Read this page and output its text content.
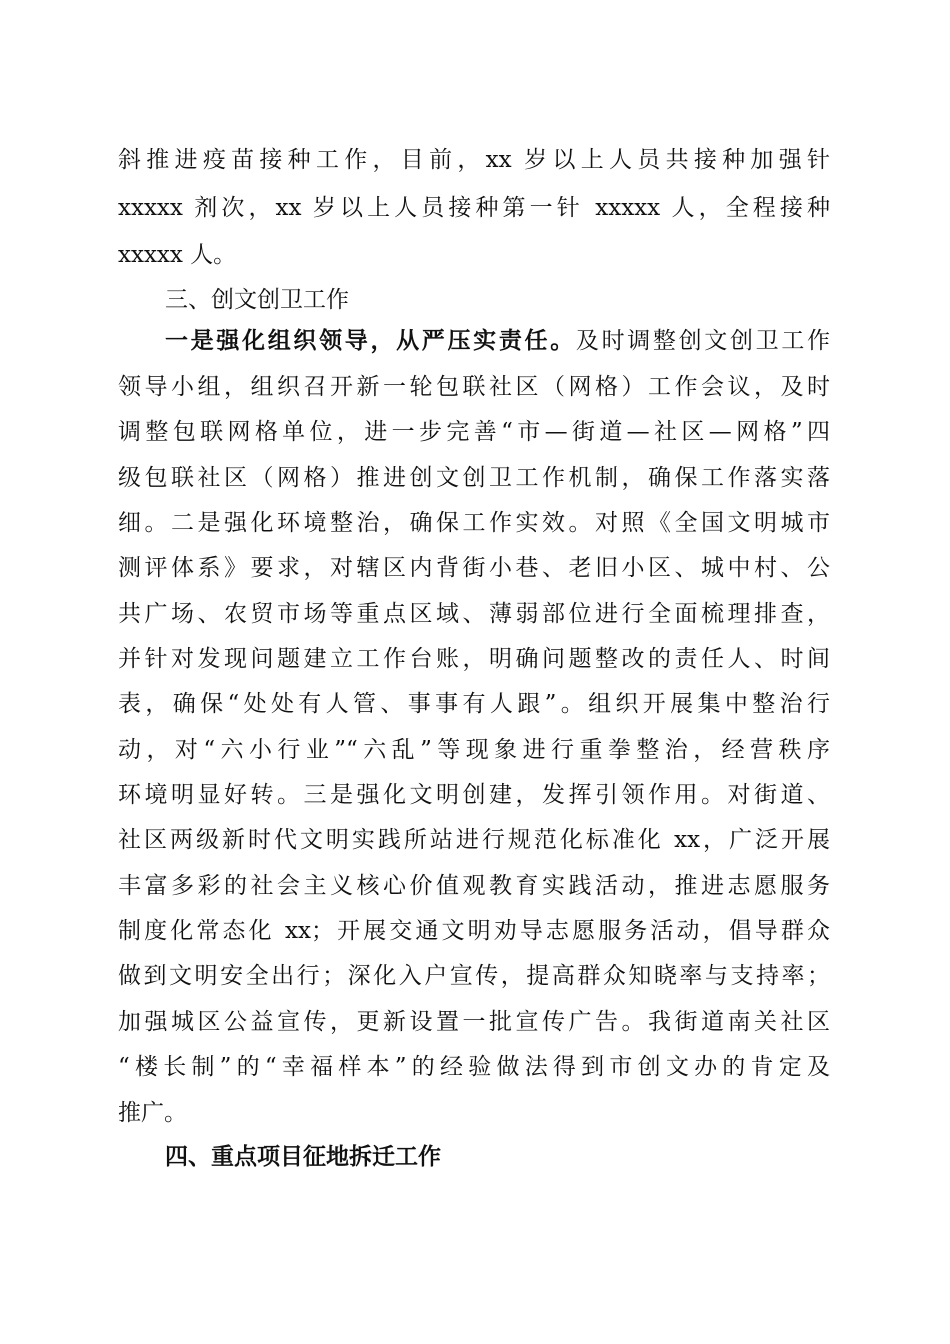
斜推进疫苗接种工作，目前，xx 岁以上人员共接种加强针
xxxxx 剂次，xx 岁以上人员接种第一针 xxxxx 人，全程接种
xxxxx 人。
三、创文创卫工作
一是强化组织领导，从严压实责任。及时调整创文创卫工作
领导小组，组织召开新一轮包联社区（网格）工作会议，及时
调整包联网格单位，进一步完善“市—街道—社区—网格”四
级包联社区（网格）推进创文创卫工作机制，确保工作落实落
细。二是强化环境整治，确保工作实效。对照《全国文明城市
测评体系》要求，对辖区内背街小巷、老旧小区、城中村、公
共广场、农贸市场等重点区域、薄弱部位进行全面梳理排查，
并针对发现问题建立工作台账，明确问题整改的责任人、时间
表，确保“处处有人管、事事有人跟”。组织开展集中整治行
动，对“六小行业”“六乱”等现象进行重拳整治，经营秩序
环境明显好转。三是强化文明创建，发挥引领作用。对街道、
社区两级新时代文明实践所站进行规范化标准化 xx，广泛开展
丰富多彩的社会主义核心价值观教育实践活动，推进志愿服务
制度化常态化 xx；开展交通文明劝导志愿服务活动，倡导群众
做到文明安全出行；深化入户宣传，提高群众知晓率与支持率；
加强城区公益宣传，更新设置一批宣传广告。我街道南关社区
“楼长制”的“幸福样本”的经验做法得到市创文办的肯定及
推广。
四、重点项目征地拆迁工作
